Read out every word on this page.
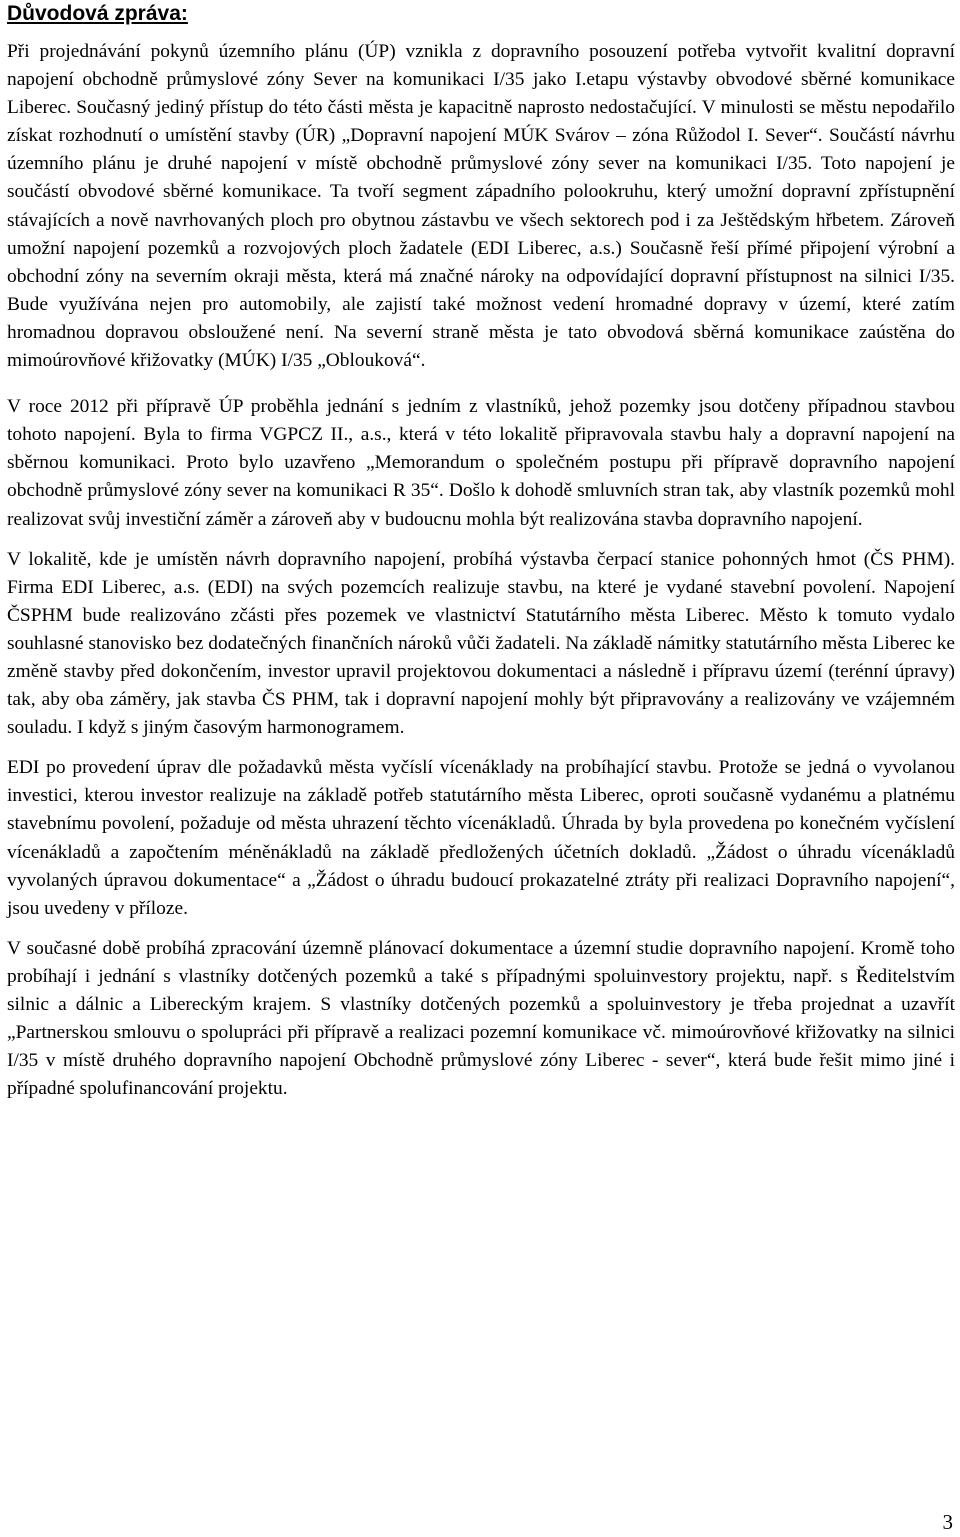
Důvodová zpráva:

Při projednávání pokynů územního plánu (ÚP) vznikla z dopravního posouzení potřeba vytvořit kvalitní dopravní napojení obchodně průmyslové zóny Sever na komunikaci I/35 jako I.etapu výstavby obvodové sběrné komunikace Liberec. Současný jediný přístup do této části města je kapacitně naprosto nedostačující. V minulosti se městu nepodařilo získat rozhodnutí o umístění stavby (ÚR) „Dopravní napojení MÚK Svárov – zóna Růžodol I. Sever“. Součástí návrhu územního plánu je druhé napojení v místě obchodně průmyslové zóny sever na komunikaci I/35. Toto napojení je součástí obvodové sběrné komunikace. Ta tvoří segment západního polookruhu, který umožní dopravní zpřístupnění stávajících a nově navrhovaných ploch pro obytnou zástavbu ve všech sektorech pod i za Ještědským hřbetem. Zároveň umožní napojení pozemků a rozvojových ploch žadatele (EDI Liberec, a.s.) Současně řeší přímé připojení výrobní a obchodní zóny na severním okraji města, která má značné nároky na odpovídající dopravní přístupnost na silnici I/35. Bude využívána nejen pro automobily, ale zajistí také možnost vedení hromadné dopravy v území, které zatím hromadnou dopravou obsloužené není. Na severní straně města je tato obvodová sběrná komunikace zaústěna do mimoúrovňové křižovatky (MÚK) I/35 „Oblouková“.

V roce 2012 při přípravě ÚP proběhla jednání s jedním z vlastníků, jehož pozemky jsou dotčeny případnou stavbou tohoto napojení. Byla to firma VGPCZ II., a.s., která v této lokalitě připravovala stavbu haly a dopravní napojení na sběrnou komunikaci. Proto bylo uzavřeno „Memorandum o společném postupu při přípravě dopravního napojení obchodně průmyslové zóny sever na komunikaci R 35“. Došlo k dohodě smluvních stran tak, aby vlastník pozemků mohl realizovat svůj investiční záměr a zároveň aby v budoucnu mohla být realizována stavba dopravního napojení.

V lokalitě, kde je umístěn návrh dopravního napojení, probíhá výstavba čerpací stanice pohonných hmot (ČS PHM). Firma EDI Liberec, a.s. (EDI) na svých pozemcích realizuje stavbu, na které je vydané stavební povolení. Napojení ČSPHM bude realizováno zčásti přes pozemek ve vlastnictví Statutárního města Liberec. Město k tomuto vydalo souhlasné stanovisko bez dodatečných finančních nároků vůči žadateli. Na základě námitky statutárního města Liberec ke změně stavby před dokončením, investor upravil projektovou dokumentaci a následně i přípravu území (terénní úpravy) tak, aby oba záměry, jak stavba ČS PHM, tak i dopravní napojení mohly být připravovány a realizovány ve vzájemném souladu. I když s jiným časovým harmonogramem.

EDI po provedení úprav dle požadavků města vyčíslí vícenáklady na probíhající stavbu. Protože se jedná o vyvolanou investici, kterou investor realizuje na základě potřeb statutárního města Liberec, oproti současně vydanému a platnému stavebnímu povolení, požaduje od města uhrazení těchto vícenákladů. Úhrada by byla provedena po konečném vyčíslení vícenákladů a započtením méněnákladů na základě předložených účetních dokladů. „Žádost o úhradu vícenákladů vyvolaných úpravou dokumentace“ a „Žádost o úhradu budoucí prokazatelné ztráty při realizaci Dopravního napojení“, jsou uvedeny v příloze.

V současné době probíhá zpracování územně plánovací dokumentace a územní studie dopravního napojení. Kromě toho probíhají i jednání s vlastníky dotčených pozemků a také s případnými spoluinvestory projektu, např. s Ředitelstvím silnic a dálnic a Libereckým krajem. S vlastníky dotčených pozemků a spoluinvestory je třeba projednat a uzavřít „Partnerskou smlouvu o spolupráci při přípravě a realizaci pozemní komunikace vč. mimoúrovňové křižovatky na silnici I/35 v místě druhého dopravního napojení Obchodně průmyslové zóny Liberec - sever“, která bude řešit mimo jiné i případné spolufinancování projektu.

3
